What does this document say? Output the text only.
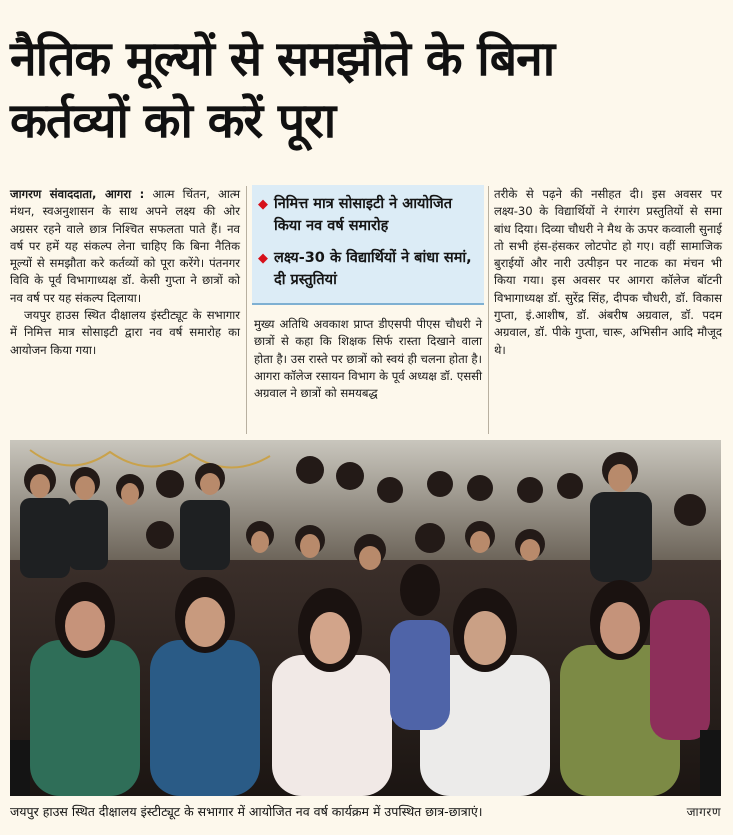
नैतिक मूल्यों से समझौते के बिना
कर्तव्यों को करें पूरा

जागरण संवाददाता, आगरा : आत्म चिंतन, आत्म मंथन, स्वअनुशासन के साथ अपने लक्ष्य की ओर अग्रसर रहने वाले छात्र निश्चित सफलता पाते हैं। नव वर्ष पर हमें यह संकल्प लेना चाहिए कि बिना नैतिक मूल्यों से समझौता करे कर्तव्यों को पूरा करेंगे। पंतनगर विवि के पूर्व विभागाध्यक्ष डॉ. केसी गुप्ता ने छात्रों को नव वर्ष पर यह संकल्प दिलाया।

जयपुर हाउस स्थित दीक्षालय इंस्टीट्यूट के सभागार में निमित्त मात्र सोसाइटी द्वारा नव वर्ष समारोह का आयोजन किया गया।

◆ निमित्त मात्र सोसाइटी ने आयोजित किया नव वर्ष समारोह
◆ लक्ष्य-30 के विद्यार्थियों ने बांधा समां, दी प्रस्तुतियां

मुख्य अतिथि अवकाश प्राप्त डीएसपी पीएस चौधरी ने छात्रों से कहा कि शिक्षक सिर्फ रास्ता दिखाने वाला होता है। उस रास्ते पर छात्रों को स्वयं ही चलना होता है। आगरा कॉलेज रसायन विभाग के पूर्व अध्यक्ष डॉ. एससी अग्रवाल ने छात्रों को समयबद्ध

तरीके से पढ़ने की नसीहत दी। इस अवसर पर लक्ष्य-30 के विद्यार्थियों ने रंगारंग प्रस्तुतियों से समा बांध दिया। दिव्या चौधरी ने मैथ के ऊपर कव्वाली सुनाई तो सभी हंस-हंसकर लोटपोट हो गए। वहीं सामाजिक बुराईयों और नारी उत्पीड़न पर नाटक का मंचन भी किया गया। इस अवसर पर आगरा कॉलेज बॉटनी विभागाध्यक्ष डॉ. सुरेंद्र सिंह, दीपक चौधरी, डॉ. विकास गुप्ता, इं.आशीष, डॉ. अंबरीष अग्रवाल, डॉ. पदम अग्रवाल, डॉ. पीके गुप्ता, चारू, अभिसीन आदि मौजूद थे।

जयपुर हाउस स्थित दीक्षालय इंस्टीट्यूट के सभागार में आयोजित नव वर्ष कार्यक्रम में उपस्थित छात्र-छात्राएं।	जागरण
